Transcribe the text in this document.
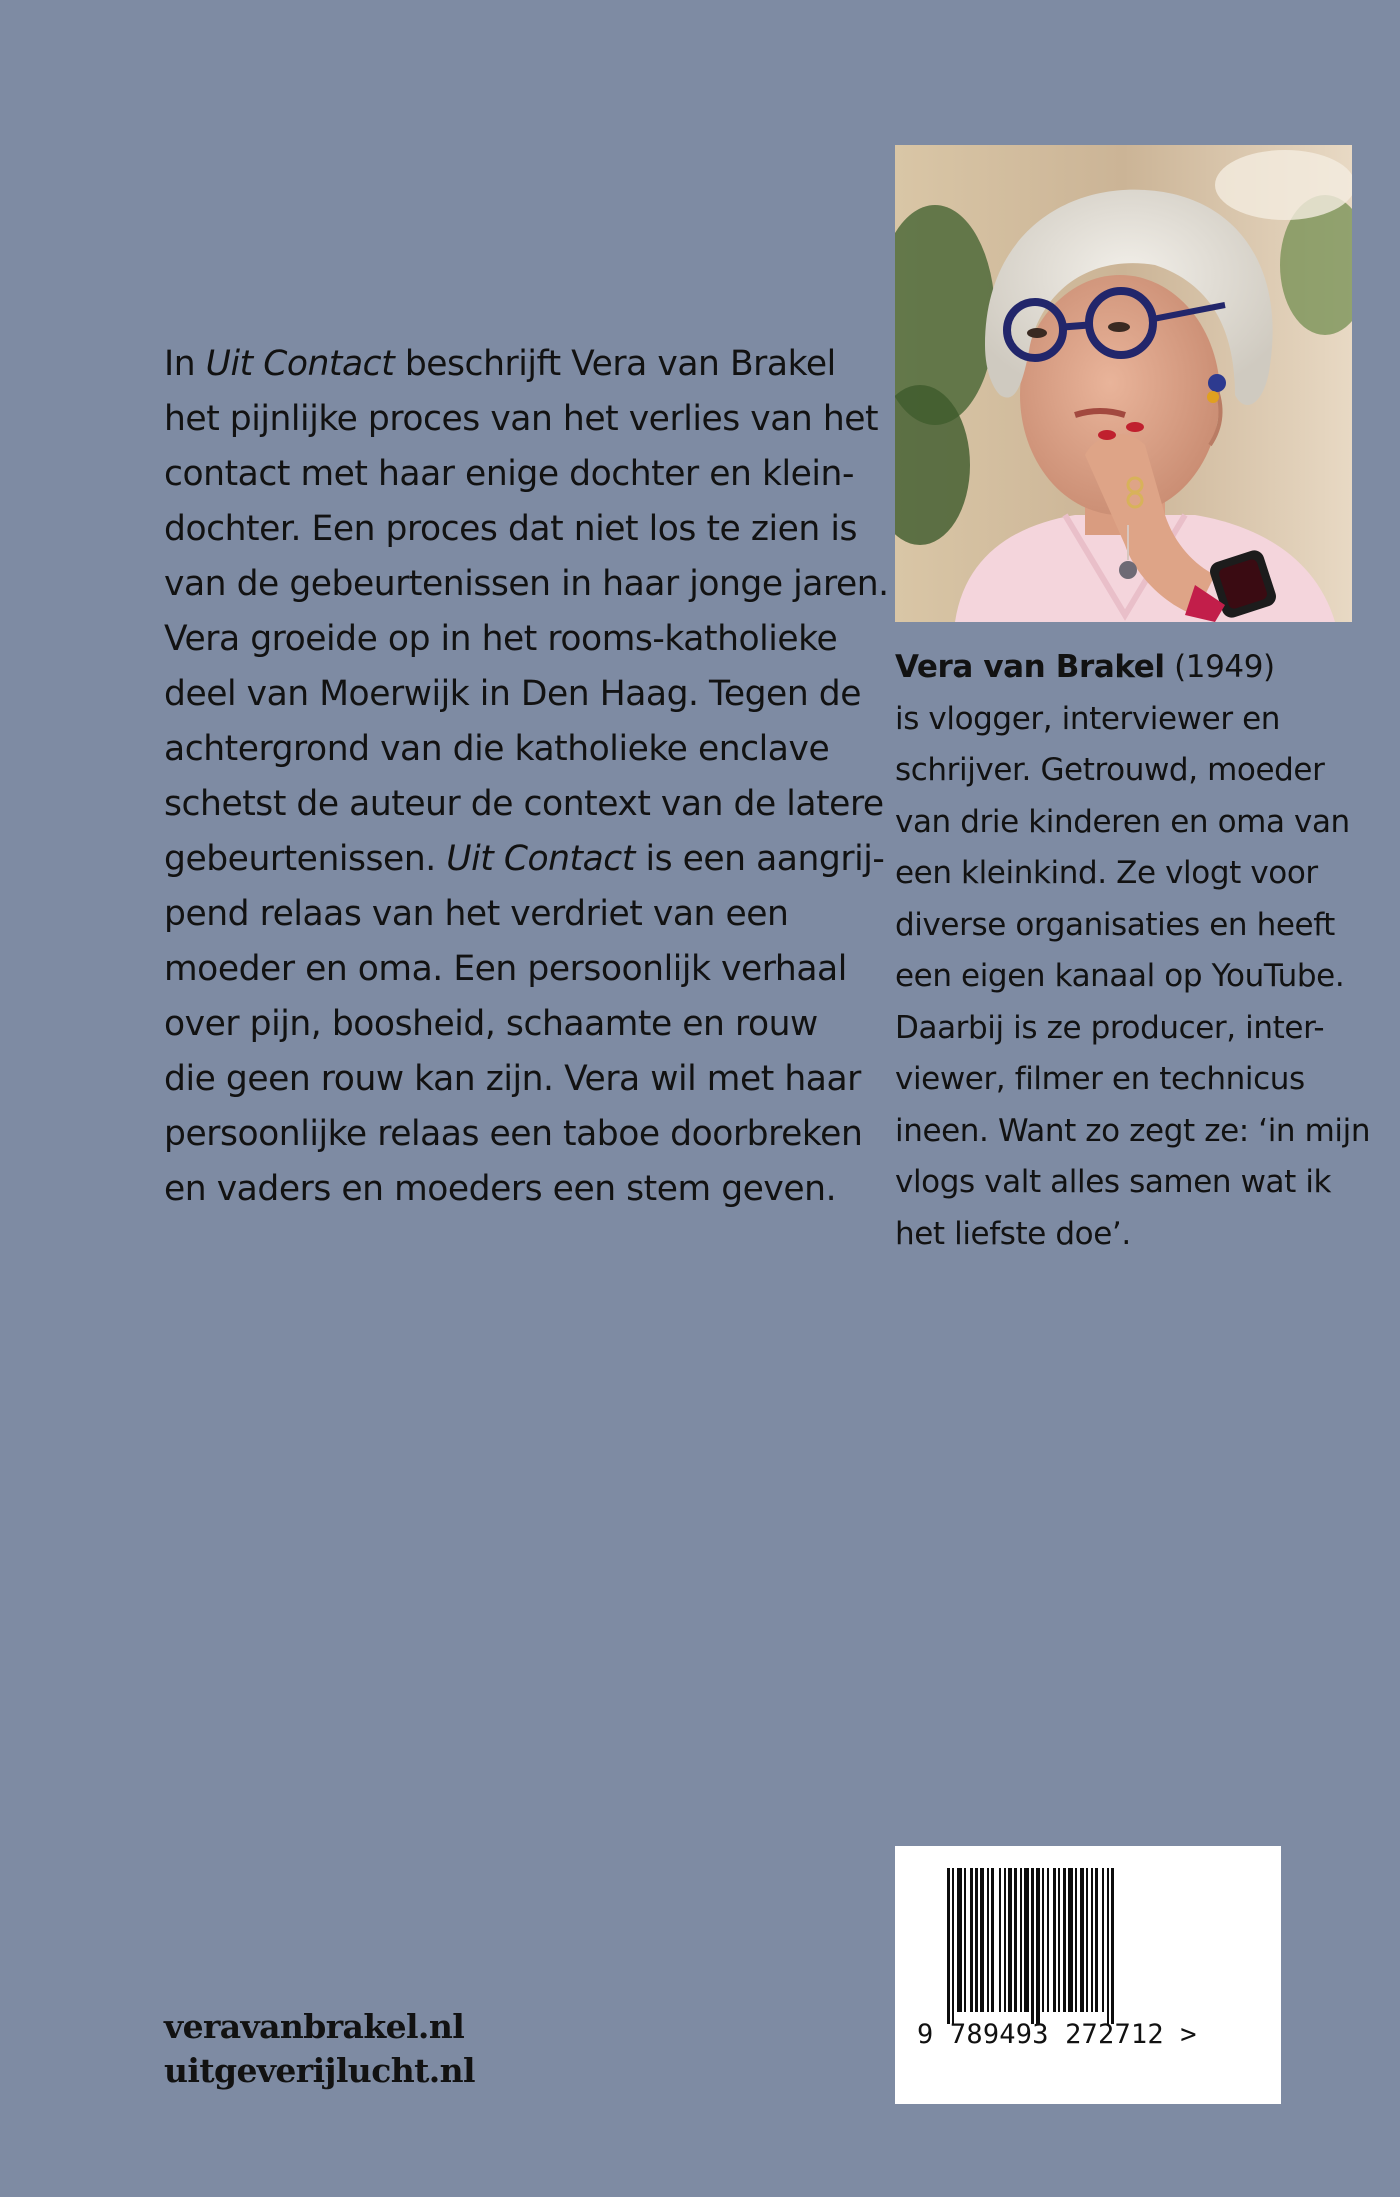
In Uit Contact beschrijft Vera van Brakel
het pijnlijke proces van het verlies van het
contact met haar enige dochter en klein-
dochter. Een proces dat niet los te zien is
van de gebeurtenissen in haar jonge jaren.
Vera groeide op in het rooms-katholieke
deel van Moerwijk in Den Haag. Tegen de
achtergrond van die katholieke enclave
schetst de auteur de context van de latere
gebeurtenissen. Uit Contact is een aangrij-
pend relaas van het verdriet van een
moeder en oma. Een persoonlijk verhaal
over pijn, boosheid, schaamte en rouw
die geen rouw kan zijn. Vera wil met haar
persoonlijke relaas een taboe doorbreken
en vaders en moeders een stem geven.
Vera van Brakel (1949)
is vlogger, interviewer en
schrijver. Getrouwd, moeder
van drie kinderen en oma van
een kleinkind. Ze vlogt voor
diverse organisaties en heeft
een eigen kanaal op YouTube.
Daarbij is ze producer, inter-
viewer, filmer en technicus
ineen. Want zo zegt ze: ‘in mijn
vlogs valt alles samen wat ik
het liefste doe’.
veravanbrakel.nl
uitgeverijlucht.nl
9 789493 272712 >
